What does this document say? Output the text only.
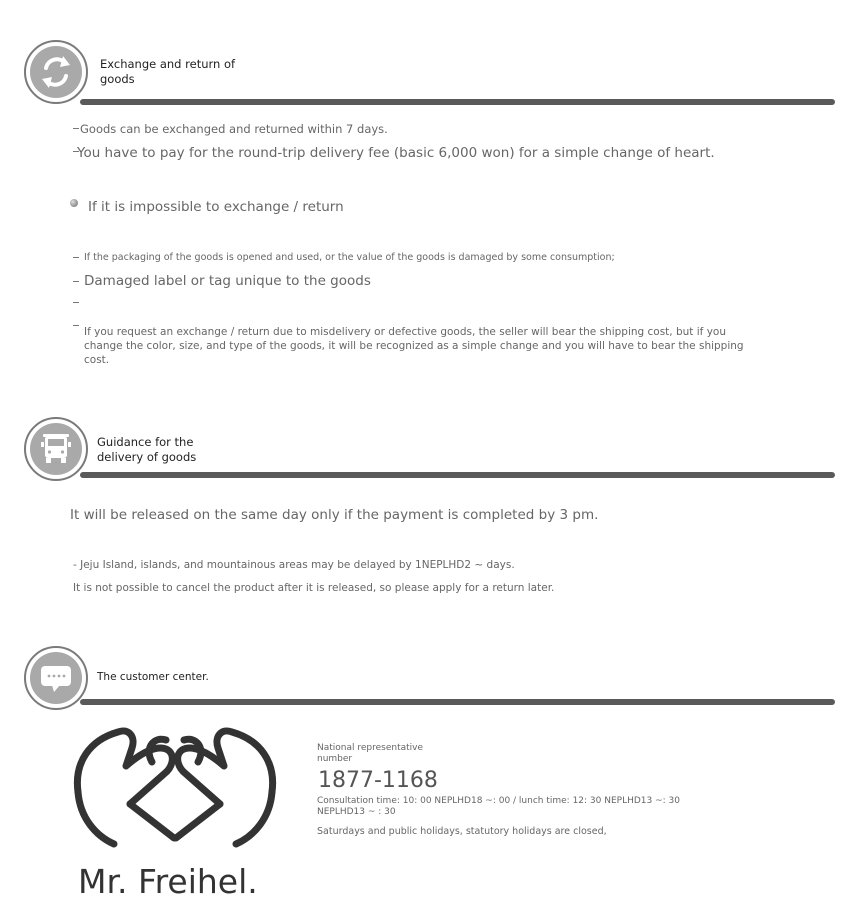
Exchange and return of goods
Goods can be exchanged and returned within 7 days.
You have to pay for the round-trip delivery fee (basic 6,000 won) for a simple change of heart.
If it is impossible to exchange / return
If the packaging of the goods is opened and used, or the value of the goods is damaged by some consumption;
Damaged label or tag unique to the goods
If you request an exchange / return due to misdelivery or defective goods, the seller will bear the shipping cost, but if you change the color, size, and type of the goods, it will be recognized as a simple change and you will have to bear the shipping cost.
Guidance for the delivery of goods
It will be released on the same day only if the payment is completed by 3 pm.
- Jeju Island, islands, and mountainous areas may be delayed by 1NEPLHD2 ~ days.
It is not possible to cancel the product after it is released, so please apply for a return later.
The customer center.
Mr. Freihel.
National representative number
1877-1168
Consultation time: 10: 00 NEPLHD18 ~: 00 / lunch time: 12: 30 NEPLHD13 ~: 30 NEPLHD13 ~ : 30
Saturdays and public holidays, statutory holidays are closed,
